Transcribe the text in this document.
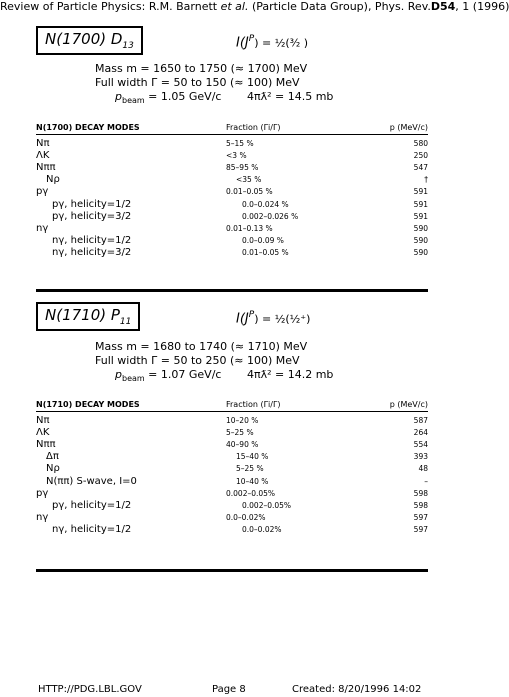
Review of Particle Physics: R.M. Barnett et al. (Particle Data Group), Phys. Rev.D54, 1 (1996)
N(1700) $D_{13}$	$I(J^P)$ = ½(³⁄₂ )
Mass m = 1650 to 1750 (≈ 1700) MeV
Full width Γ = 50 to 150 (≈ 100) MeV
$p_{beam} = 1.05$ GeV/c 4πƛ² = 14.5 mb
N(1700) DECAY MODES	Fraction (Γi/Γ)	p (MeV/c)
Nπ	5–15 %	580
ΛK	<3 %	250
Nππ	85–95 %	547
Nρ	<35 %	†
pγ	0.01–0.05 %	591
pγ, helicity=1/2	0.0–0.024 %	591
pγ, helicity=3/2	0.002–0.026 %	591
nγ	0.01–0.13 %	590
nγ, helicity=1/2	0.0–0.09 %	590
nγ, helicity=3/2	0.01–0.05 %	590
N(1710) $P_{11}$	$I(J^P)$ = ½(½⁺)
Mass m = 1680 to 1740 (≈ 1710) MeV
Full width Γ = 50 to 250 (≈ 100) MeV
$p_{beam} = 1.07$ GeV/c 4πƛ² = 14.2 mb
N(1710) DECAY MODES	Fraction (Γi/Γ)	p (MeV/c)
Nπ	10–20 %	587
ΛK	5–25 %	264
Nππ	40–90 %	554
Δπ	15–40 %	393
Nρ	5–25 %	48
N(ππ) S-wave, I=0	10–40 %	–
pγ	0.002–0.05%	598
pγ, helicity=1/2	0.002–0.05%	598
nγ	0.0–0.02%	597
nγ, helicity=1/2	0.0–0.02%	597
HTTP://PDG.LBL.GOV	Page 8	Created: 8/20/1996 14:02
